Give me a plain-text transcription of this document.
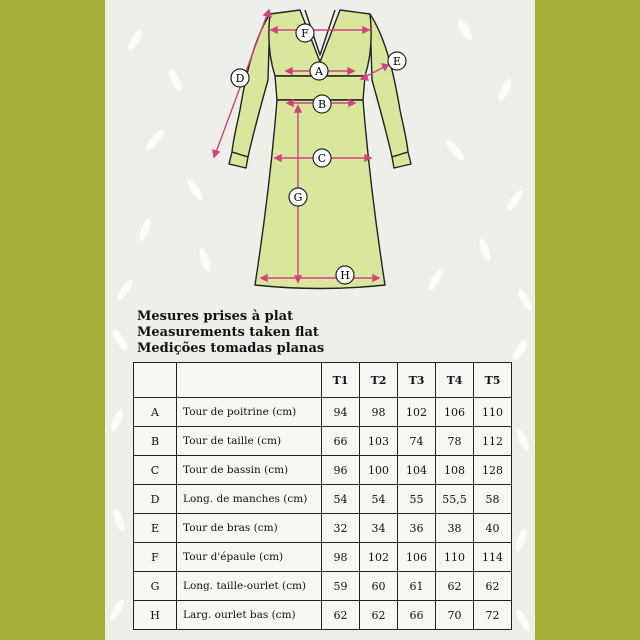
F
A
B
C
G
H
D
E
Mesures prises à plat
Measurements taken flat
Medições tomadas planas
		T1	T2	T3	T4	T5
A	Tour de poitrine (cm)	94	98	102	106	110
B	Tour de taille (cm)	66	103	74	78	112
C	Tour de bassin (cm)	96	100	104	108	128
D	Long. de manches (cm)	54	54	55	55,5	58
E	Tour de bras (cm)	32	34	36	38	40
F	Tour d'épaule (cm)	98	102	106	110	114
G	Long. taille-ourlet (cm)	59	60	61	62	62
H	Larg. ourlet bas (cm)	62	62	66	70	72
